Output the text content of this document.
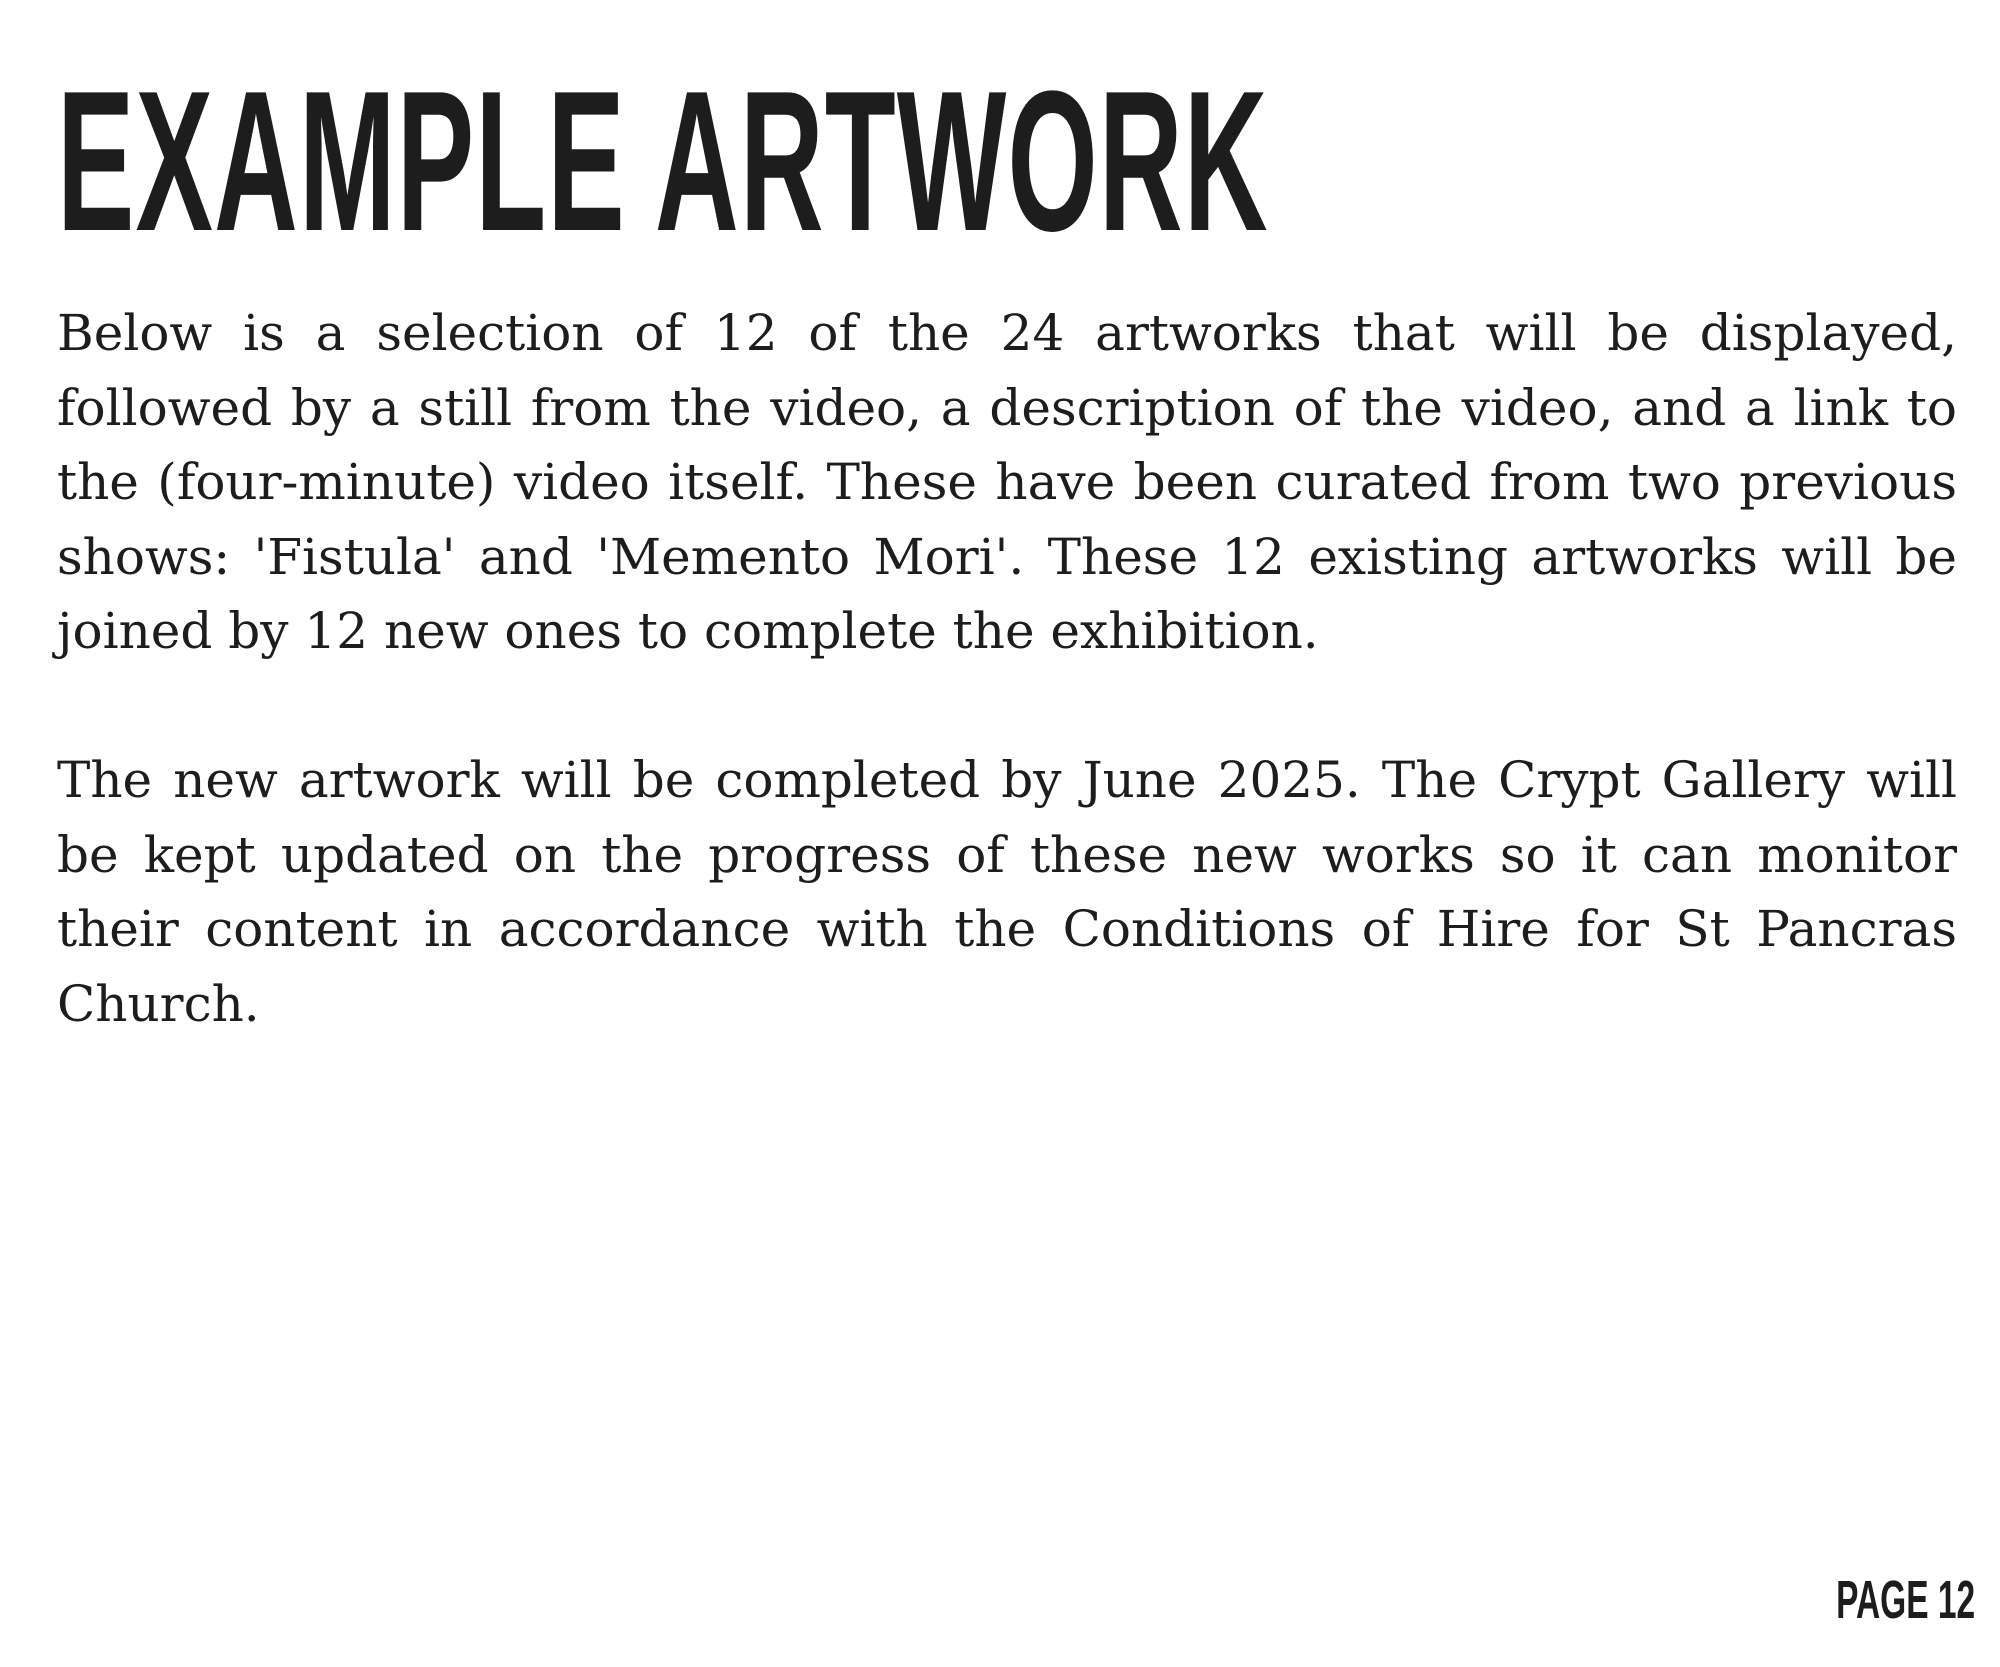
EXAMPLE ARTWORK

Below is a selection of 12 of the 24 artworks that will be displayed, followed by a still from the video, a description of the video, and a link to the (four-minute) video itself. These have been curated from two previous shows: 'Fistula' and 'Memento Mori'. These 12 existing artworks will be joined by 12 new ones to complete the exhibition.

The new artwork will be completed by June 2025. The Crypt Gallery will be kept updated on the progress of these new works so it can monitor their content in accordance with the Conditions of Hire for St Pancras Church.

PAGE 12
